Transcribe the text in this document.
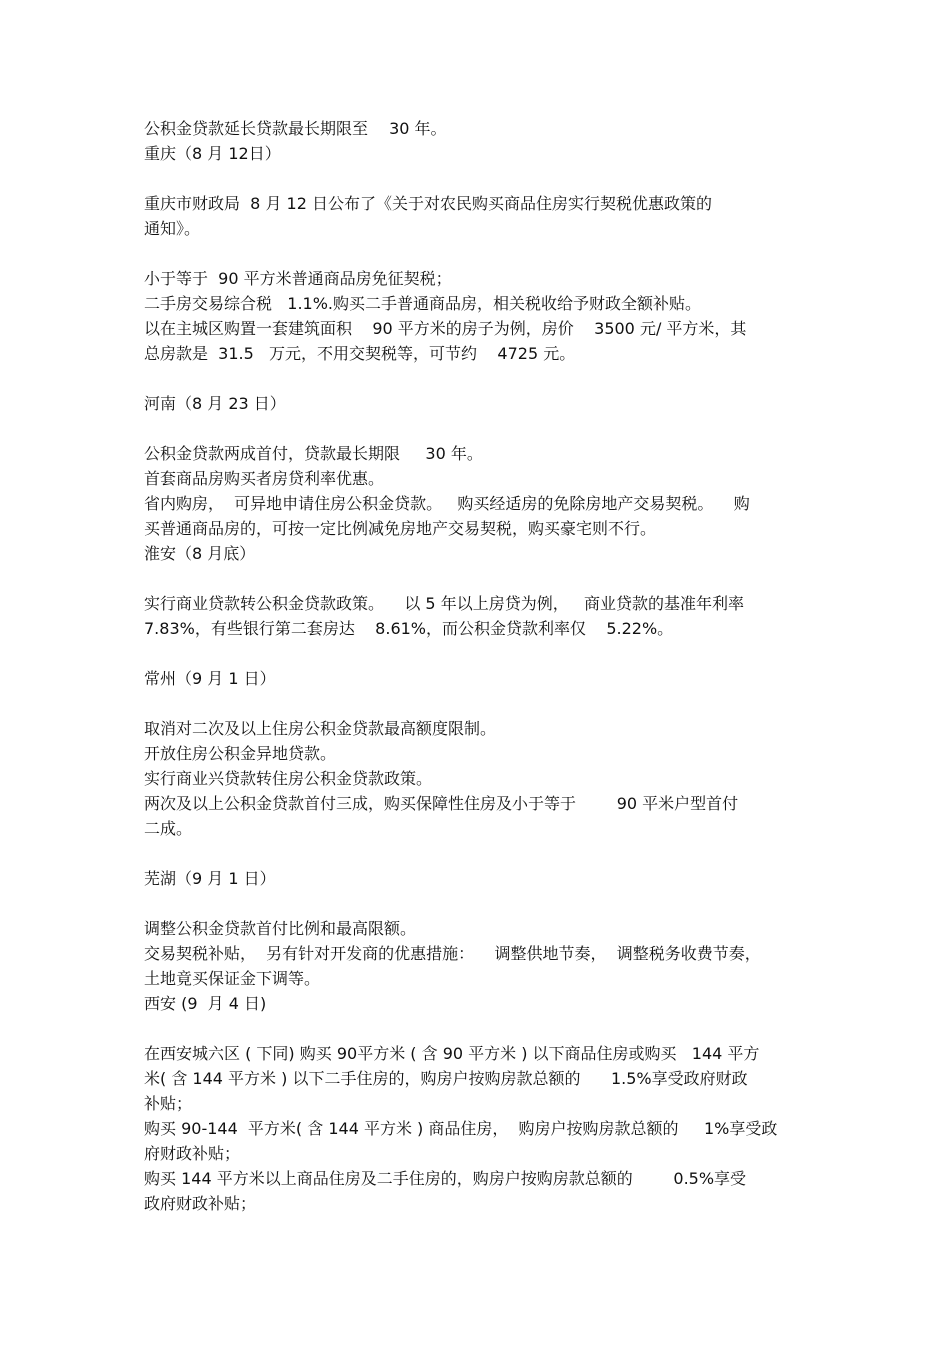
公积金贷款延长贷款最长期限至　 30 年。
重庆（8 月 12日）
重庆市财政局  8 月 12 日公布了《关于对农民购买商品住房实行契税优惠政策的
通知》。
小于等于  90 平方米普通商品房免征契税；
二手房交易综合税   1.1%.购买二手普通商品房，相关税收给予财政全额补贴。
以在主城区购置一套建筑面积    90 平方米的房子为例，房价    3500 元/ 平方米，其
总房款是  31.5   万元，不用交契税等，可节约    4725 元。
河南（8 月 23 日）
公积金贷款两成首付，贷款最长期限     30 年。
首套商品房购买者房贷利率优惠。
省内购房，  可异地申请住房公积金贷款。   购买经适房的免除房地产交易契税。    购
买普通商品房的，可按一定比例减免房地产交易契税，购买豪宅则不行。
淮安（8 月底）
实行商业贷款转公积金贷款政策。    以 5 年以上房贷为例，   商业贷款的基准年利率
7.83%，有些银行第二套房达    8.61%，而公积金贷款利率仅    5.22%。
常州（9 月 1 日）
取消对二次及以上住房公积金贷款最高额度限制。
开放住房公积金异地贷款。
实行商业兴贷款转住房公积金贷款政策。
两次及以上公积金贷款首付三成，购买保障性住房及小于等于        90 平米户型首付
二成。
芜湖（9 月 1 日）
调整公积金贷款首付比例和最高限额。
交易契税补贴，  另有针对开发商的优惠措施：    调整供地节奏，  调整税务收费节奏，
土地竟买保证金下调等。
西安 (9  月 4 日)
在西安城六区 ( 下同) 购买 90平方米 ( 含 90 平方米 ) 以下商品住房或购买   144 平方
米( 含 144 平方米 ) 以下二手住房的，购房户按购房款总额的      1.5%享受政府财政
补贴；
购买 90-144  平方米( 含 144 平方米 ) 商品住房，  购房户按购房款总额的     1%享受政
府财政补贴；
购买 144 平方米以上商品住房及二手住房的，购房户按购房款总额的        0.5%享受
政府财政补贴；
